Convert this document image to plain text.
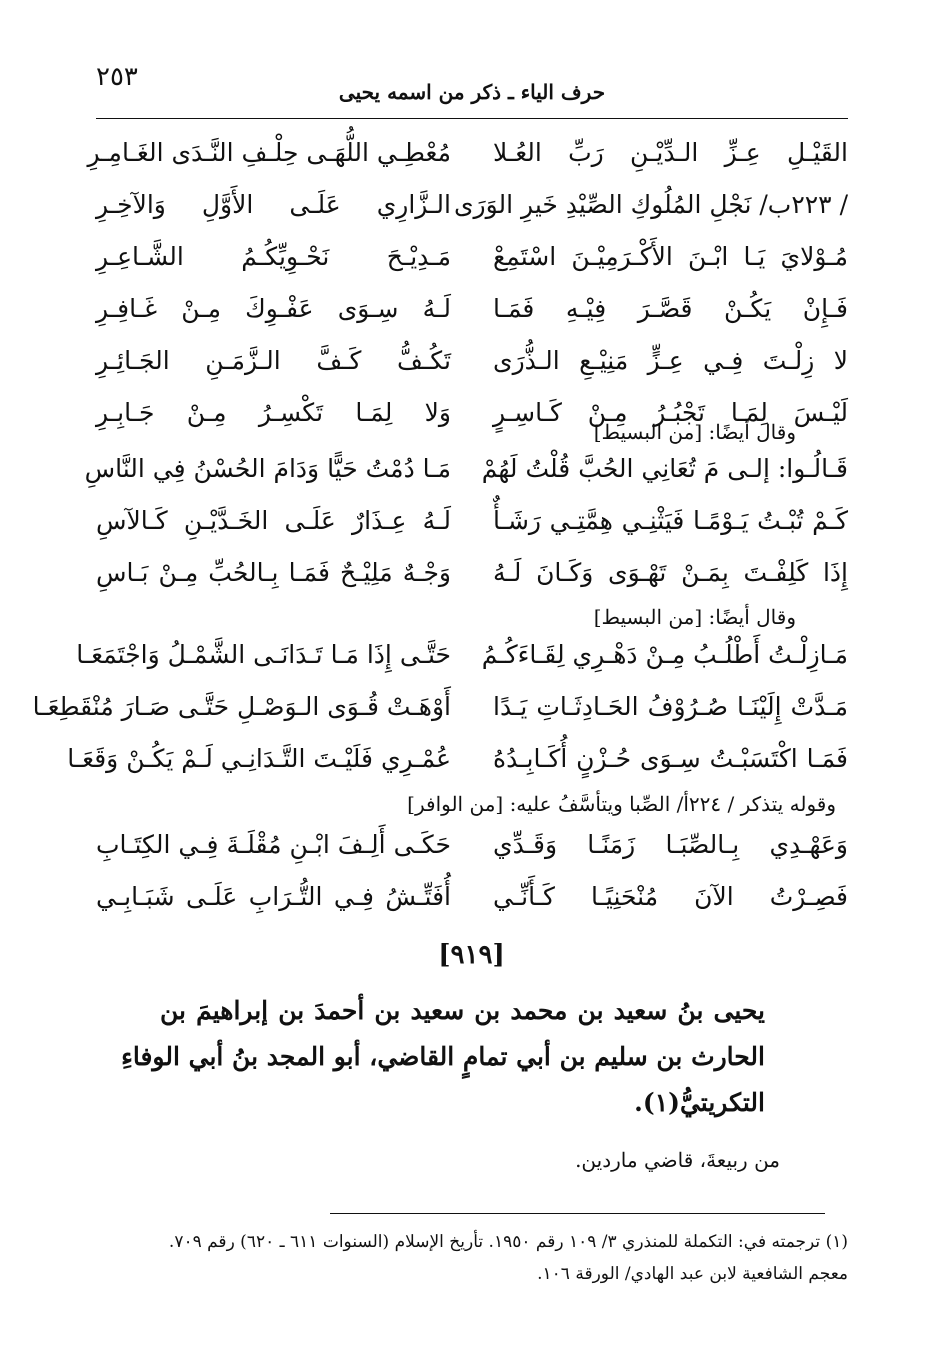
٢٥٣	حرف الياء ـ ذكر من اسمه يحيى
القَيْـلِ عِـزِّ الـدِّيْـنِ رَبِّ العُـلا
مُعْطِـي اللُّهَـى حِلْـفِ النَّـدَى الغَـامِـرِ
/ ٢٢٣ب/ نَجْلِ المُلُوكِ الصِّيْدِ خَيرِ الوَرَى
الـزَّارِي عَلَـى الأَوَّلِ وَالآخِـرِ
مُـوْلايَ يَـا ابْـنَ الأَكْـرَمِيْـنَ اسْتَمِعْ
مَـدِيْـحَ نَحْـوِيِّكُـمُ الشَّـاعِـرِ
فَـإِنْ يَكُـنْ قَصَّـرَ فِيْـهِ فَمَـا
لَـهُ سِـوَى عَفْـوِكَ مِـنْ غَـافِـرِ
لا زِلْـتَ فِـي عِـزٍّ مَنِيْـعِ الـذُّرَى
تَكُـفُّ كَـفَّ الـزَّمَـنِ الجَـائِـرِ
لَيْـسَ لِمَـا تَجْبُـرُ مِـنْ كَـاسِـرٍ
وَلا لِمَـا تَكْسِـرُ مِـنْ جَـابِـرِ
وقال أيضًا: [من البسيط]
قَـالُـوا: إلـى مَ تُعَانِي الحُبَّ قُلْتُ لَهُمْ
مَـا دُمْتُ حَيًّا وَدَامَ الحُسْنُ فِي النَّاسِ
كَـمْ تُبْـتُ يَـوْمًـا فَيَثْنِـي هِمَّتِـي رَشَـأٌ
لَـهُ عِـذَارٌ عَلَـى الخَـدَّيْـنِ كَـالآسِ
إِذَا كَلِفْـتَ بِمَـنْ تَهْـوَى وَكَـانَ لَـهُ
وَجْـهٌ مَلِيْـحٌ فَمَـا بِـالحُبِّ مِـنْ بَـاسِ
وقال أيضًا: [من البسيط]
مَـازِلْـتُ أَطْلُـبُ مِـنْ دَهْـرِي لِقَـاءَكُـمُ
حَتَّـى إِذَا مَـا تَـدَانَـى الشَّمْـلُ وَاجْتَمَعَـا
مَـدَّتْ إِلَيْنَـا صُـرُوْفُ الحَـادِثَـاتِ يَـدًا
أَوْهَـتْ قُـوَى الـوَصْـلِ حَتَّـى صَـارَ مُنْقَطِعَـا
فَمَـا اكْتَسَبْـتُ سِـوَى حُـزْنٍ أُكَـابِـدُهُ
عُمْـرِي فَلَيْـتَ التَّـدَانِـي لَـمْ يَكُـنْ وَقَعَـا
وقوله يتذكر / ٢٢٤أ/ الصِّبا ويتأسَّفُ عليه: [من الوافر]
وَعَهْـدِي بِـالصِّبَـا زَمَنًـا وَقَـدِّي
حَكَـى أَلِـفَ ابْـنِ مُقْلَـةَ فِـي الكِتَـابِ
فَصِـرْتُ الآنَ مُنْحَنِيًـا كَـأَنِّـي
أُفَتِّـشُ فِـي التُّـرَابِ عَلَـى شَبَـابِـي
[٩١٩]
يحيى بنُ سعيد بن محمد بن سعيد بن أحمدَ بن إبراهيمَ بن
الحارث بن سليم بن أبي تمامٍ القاضي، أبو المجد بنُ أبي الوفاءِ
التكريتيُّ(١).
من ربيعةَ، قاضي ماردين.
(١) ترجمته في: التكملة للمنذري ٣/ ١٠٩ رقم ١٩٥٠. تأريخ الإسلام (السنوات ٦١١ ـ ٦٢٠) رقم ٧٠٩.
معجم الشافعية لابن عبد الهادي/ الورقة ١٠٦.
